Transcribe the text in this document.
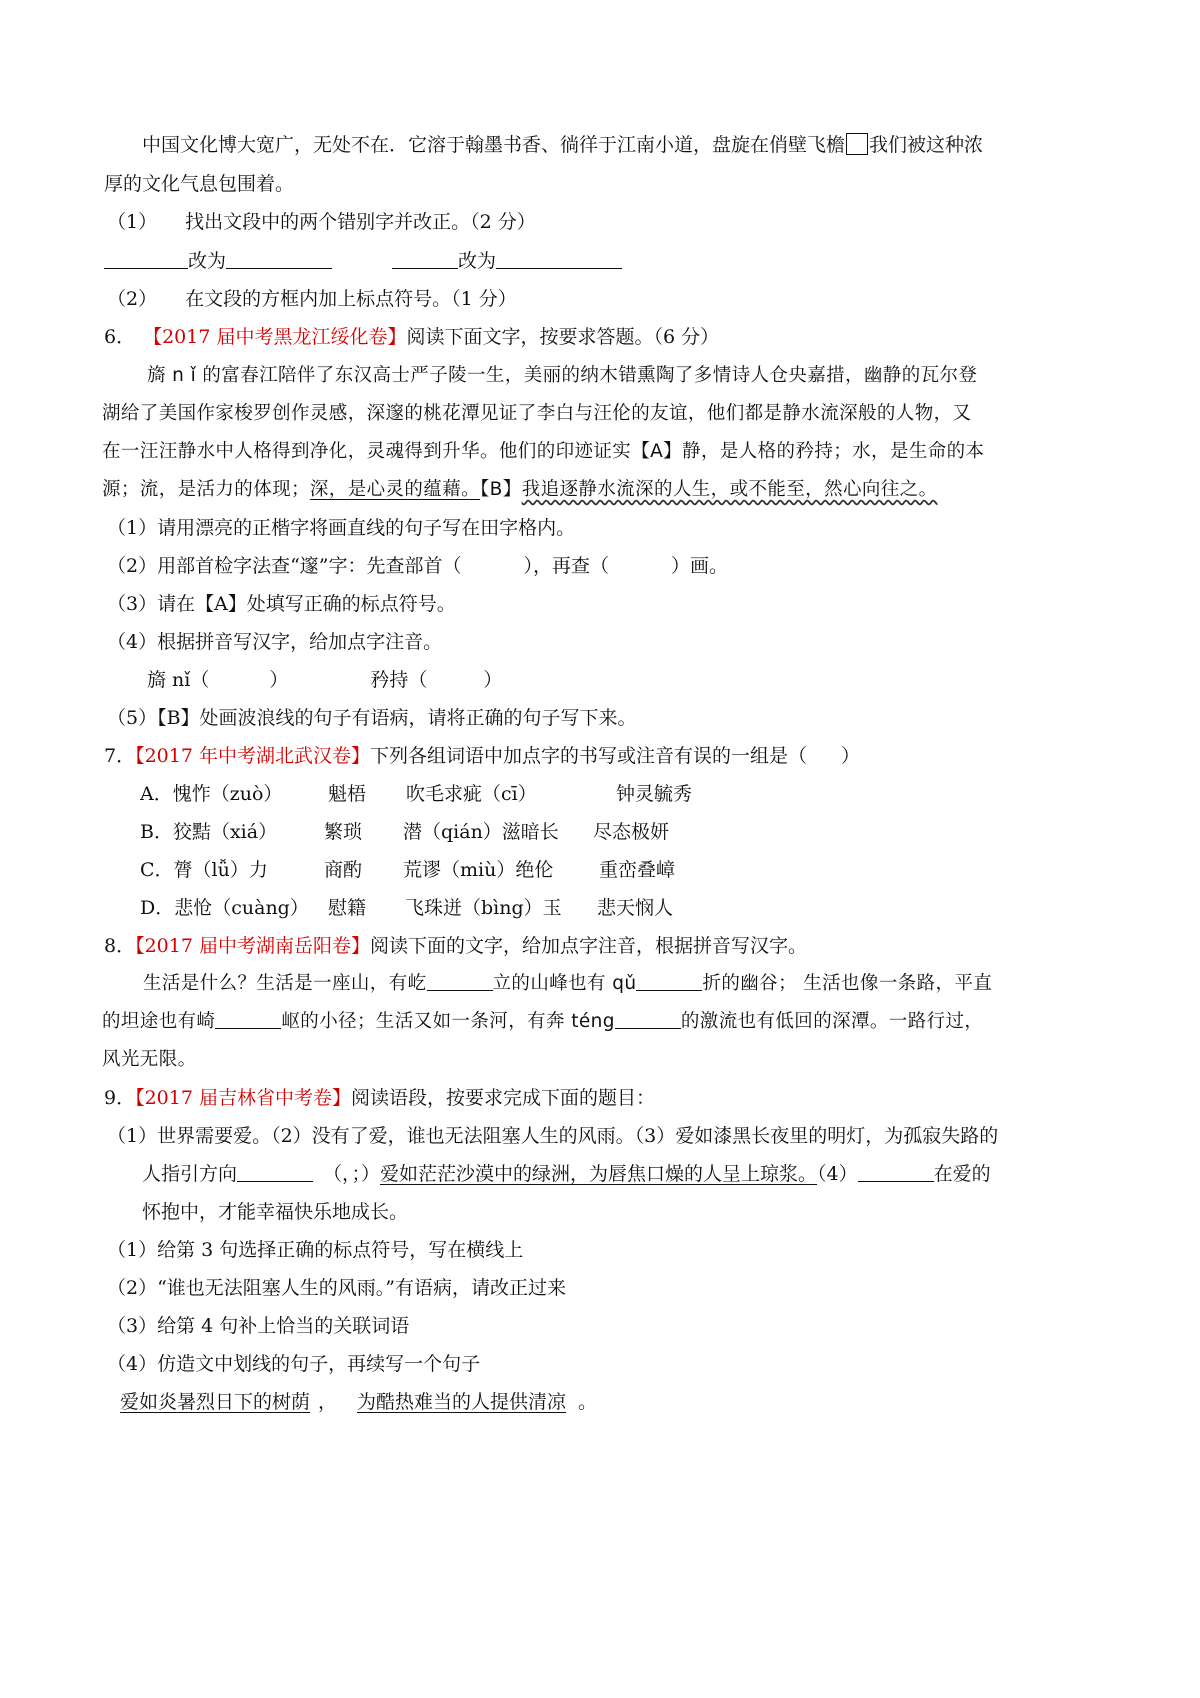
中国文化博大宽广，无处不在．它溶于翰墨书香、徜徉于江南小道，盘旋在俏壁飞檐 我们被这种浓
厚的文化气息包围着。
（1） 找出文段中的两个错别字并改正。（2 分）
改为	改为
（2） 在文段的方框内加上标点符号。（1 分）
6． 【2017 届中考黑龙江绥化卷】阅读下面文字，按要求答题。（6 分）
旖 n ǐ 的富春江陪伴了东汉高士严子陵一生，美丽的纳木错熏陶了多情诗人仓央嘉措，幽静的瓦尔登
湖给了美国作家梭罗创作灵感，深邃的桃花潭见证了李白与汪伦的友谊，他们都是静水流深般的人物，又
在一汪汪静水中人格得到净化，灵魂得到升华。他们的印迹证实【A】静，是人格的矜持；水，是生命的本
源；流，是活力的体现；深，是心灵的蕴藉。【B】我追逐静水流深的人生，或不能至，然心向往之。
（1）请用漂亮的正楷字将画直线的句子写在田字格内。
（2）用部首检字法查“邃”字：先查部首（	），再查（	）画。
（3）请在【A】处填写正确的标点符号。
（4）根据拼音写汉字，给加点字注音。
旖 nǐ（	）	矜持（	）
（5）【B】处画波浪线的句子有语病，请将正确的句子写下来。
7．【2017 年中考湖北武汉卷】下列各组词语中加点字的书写或注音有误的一组是（ ）
A．愧怍（zuò） 魁梧 吹毛求疵（cī）	钟灵毓秀
B．狡黠（xiá） 繁琐 潜（qián）滋暗长 尽态极妍
C．膂（lǚ）力	商酌 荒谬（miù）绝伦 重峦叠嶂
D．悲怆（cuàng） 慰籍 飞珠迸（bìng）玉 悲天悯人
8．【2017 届中考湖南岳阳卷】阅读下面的文字，给加点字注音，根据拼音写汉字。
生活是什么？生活是一座山，有屹	立的山峰也有 qǔ	折的幽谷； 生活也像一条路，平直
的坦途也有崎	岖的小径；生活又如一条河，有奔 téng	的激流也有低回的深潭。一路行过，
风光无限。
9．【2017 届吉林省中考卷】阅读语段，按要求完成下面的题目：
（1）世界需要爱。（2）没有了爱，谁也无法阻塞人生的风雨。（3）爱如漆黑长夜里的明灯，为孤寂失路的
人指引方向	（，；）爱如茫茫沙漠中的绿洲，为唇焦口燥的人呈上琼浆。（4）	在爱的
怀抱中，才能幸福快乐地成长。
（1）给第 3 句选择正确的标点符号，写在横线上
（2）“谁也无法阻塞人生的风雨。”有语病，请改正过来
（3）给第 4 句补上恰当的关联词语
（4）仿造文中划线的句子，再续写一个句子
爱如炎暑烈日下的树荫 ， 为酷热难当的人提供清凉 。
